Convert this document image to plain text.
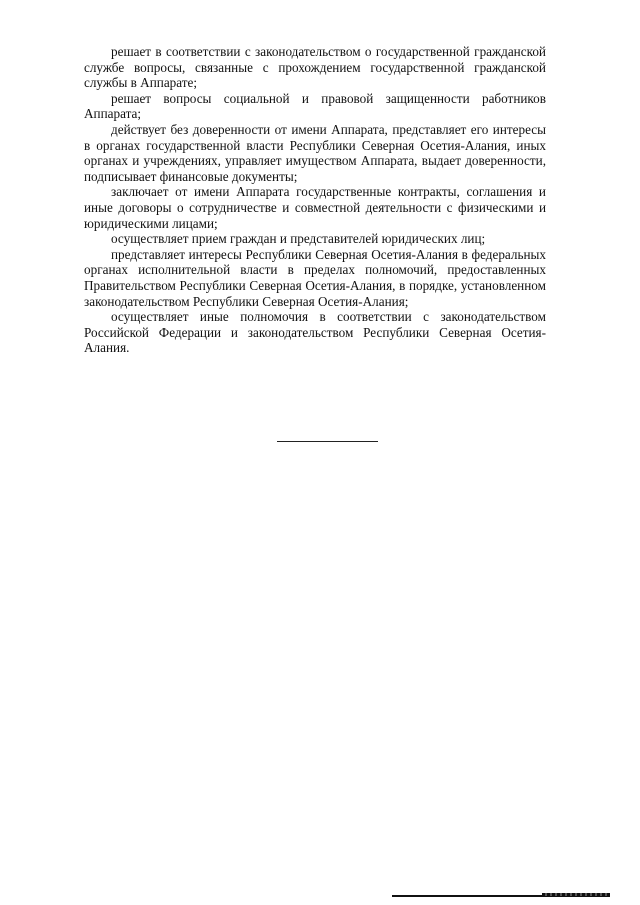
решает в соответствии с законодательством о государственной гражданской службе вопросы, связанные с прохождением государственной гражданской службы в Аппарате;

решает вопросы социальной и правовой защищенности работников Аппарата;

действует без доверенности от имени Аппарата, представляет его интересы в органах государственной власти Республики Северная Осетия-Алания, иных органах и учреждениях, управляет имуществом Аппарата, выдает доверенности, подписывает финансовые документы;

заключает от имени Аппарата государственные контракты, соглашения и иные договоры о сотрудничестве и совместной деятельности с физическими и юридическими лицами;

осуществляет прием граждан и представителей юридических лиц;

представляет интересы Республики Северная Осетия-Алания в федеральных органах исполнительной власти в пределах полномочий, предоставленных Правительством Республики Северная Осетия-Алания, в порядке, установленном законодательством Республики Северная Осетия-Алания;

осуществляет иные полномочия в соответствии с законодательством Российской Федерации и законодательством Республики Северная Осетия-Алания.
